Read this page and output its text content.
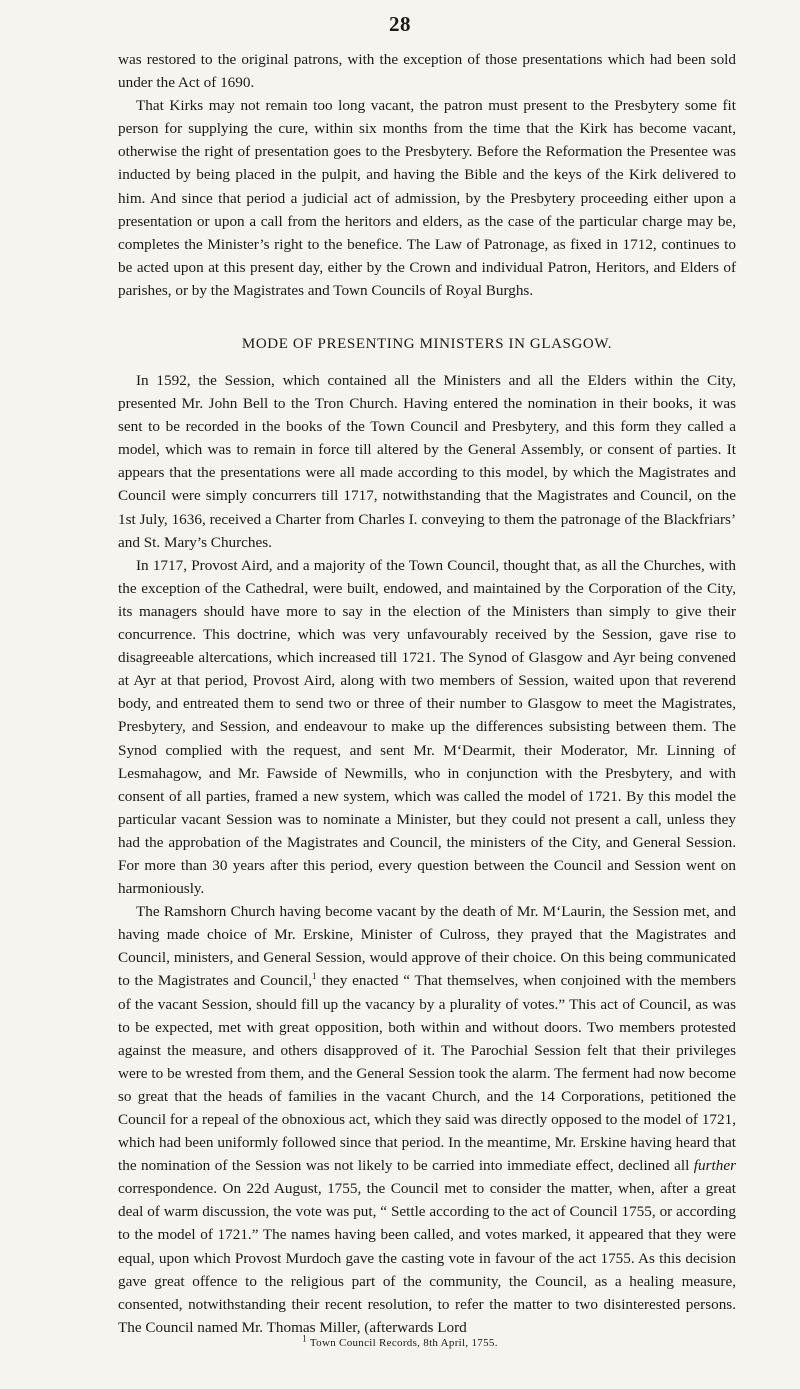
28

was restored to the original patrons, with the exception of those presentations which had been sold under the Act of 1690.

That Kirks may not remain too long vacant, the patron must present to the Presbytery some fit person for supplying the cure, within six months from the time that the Kirk has become vacant, otherwise the right of presentation goes to the Presbytery. Before the Reformation the Presentee was inducted by being placed in the pulpit, and having the Bible and the keys of the Kirk delivered to him. And since that period a judicial act of admission, by the Presbytery proceeding either upon a presentation or upon a call from the heritors and elders, as the case of the particular charge may be, completes the Minister’s right to the benefice. The Law of Patronage, as fixed in 1712, continues to be acted upon at this present day, either by the Crown and individual Patron, Heritors, and Elders of parishes, or by the Magistrates and Town Councils of Royal Burghs.

MODE OF PRESENTING MINISTERS IN GLASGOW.

In 1592, the Session, which contained all the Ministers and all the Elders within the City, presented Mr. John Bell to the Tron Church. Having entered the nomination in their books, it was sent to be recorded in the books of the Town Council and Presbytery, and this form they called a model, which was to remain in force till altered by the General Assembly, or consent of parties. It appears that the presentations were all made according to this model, by which the Magistrates and Council were simply concurrers till 1717, notwithstanding that the Magistrates and Council, on the 1st July, 1636, received a Charter from Charles I. conveying to them the patronage of the Blackfriars’ and St. Mary’s Churches.

In 1717, Provost Aird, and a majority of the Town Council, thought that, as all the Churches, with the exception of the Cathedral, were built, endowed, and maintained by the Corporation of the City, its managers should have more to say in the election of the Ministers than simply to give their concurrence. This doctrine, which was very unfavourably received by the Session, gave rise to disagreeable altercations, which increased till 1721. The Synod of Glasgow and Ayr being convened at Ayr at that period, Provost Aird, along with two members of Session, waited upon that reverend body, and entreated them to send two or three of their number to Glasgow to meet the Magistrates, Presbytery, and Session, and endeavour to make up the differences subsisting between them. The Synod complied with the request, and sent Mr. M‘Dearmit, their Moderator, Mr. Linning of Lesmahagow, and Mr. Fawside of Newmills, who in conjunction with the Presbytery, and with consent of all parties, framed a new system, which was called the model of 1721. By this model the particular vacant Session was to nominate a Minister, but they could not present a call, unless they had the approbation of the Magistrates and Council, the ministers of the City, and General Session. For more than 30 years after this period, every question between the Council and Session went on harmoniously.

The Ramshorn Church having become vacant by the death of Mr. M‘Laurin, the Session met, and having made choice of Mr. Erskine, Minister of Culross, they prayed that the Magistrates and Council, ministers, and General Session, would approve of their choice. On this being communicated to the Magistrates and Council,$^1$ they enacted “ That themselves, when conjoined with the members of the vacant Session, should fill up the vacancy by a plurality of votes.” This act of Council, as was to be expected, met with great opposition, both within and without doors. Two members protested against the measure, and others disapproved of it. The Parochial Session felt that their privileges were to be wrested from them, and the General Session took the alarm. The ferment had now become so great that the heads of families in the vacant Church, and the 14 Corporations, petitioned the Council for a repeal of the obnoxious act, which they said was directly opposed to the model of 1721, which had been uniformly followed since that period. In the meantime, Mr. Erskine having heard that the nomination of the Session was not likely to be carried into immediate effect, declined all further correspondence. On 22d August, 1755, the Council met to consider the matter, when, after a great deal of warm discussion, the vote was put, “ Settle according to the act of Council 1755, or according to the model of 1721.” The names having been called, and votes marked, it appeared that they were equal, upon which Provost Murdoch gave the casting vote in favour of the act 1755. As this decision gave great offence to the religious part of the community, the Council, as a healing measure, consented, notwithstanding their recent resolution, to refer the matter to two disinterested persons. The Council named Mr. Thomas Miller, (afterwards Lord

$^1$ Town Council Records, 8th April, 1755.
